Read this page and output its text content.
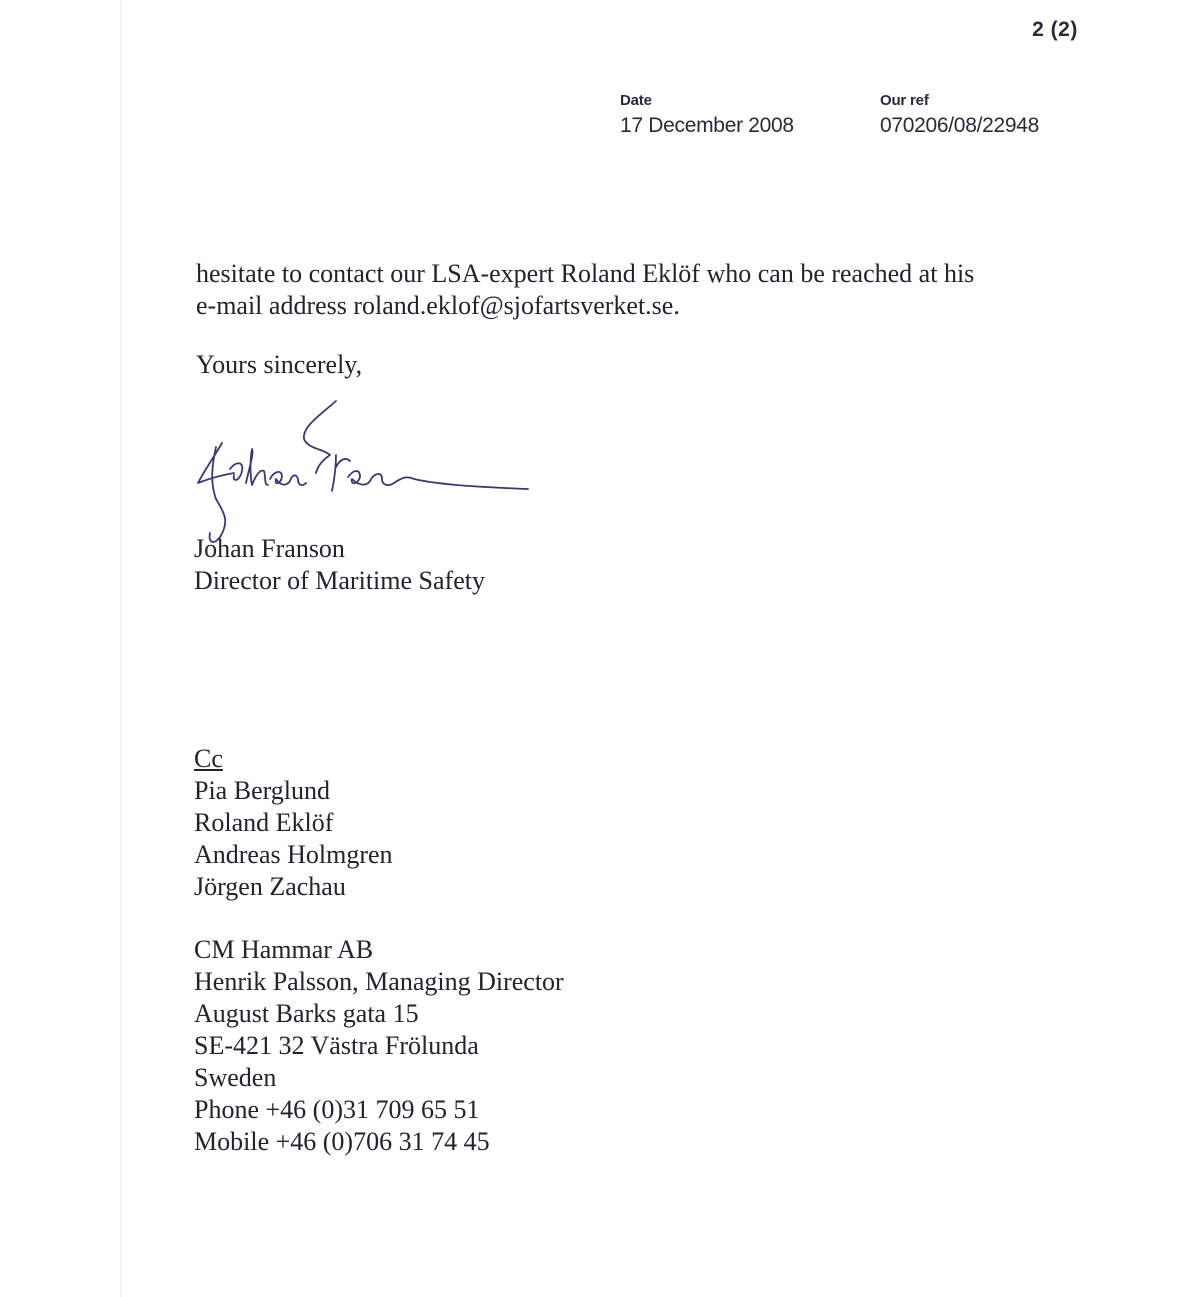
2 (2)
Date
17 December 2008
Our ref
070206/08/22948

hesitate to contact our LSA-expert Roland Eklöf who can be reached at his
e-mail address roland.eklof@sjofartsverket.se.

Yours sincerely,

Johan Franson
Director of Maritime Safety
Cc
Pia Berglund
Roland Eklöf
Andreas Holmgren
Jörgen Zachau
CM Hammar AB
Henrik Palsson, Managing Director
August Barks gata 15
SE-421 32 Västra Frölunda
Sweden
Phone +46 (0)31 709 65 51
Mobile +46 (0)706 31 74 45
